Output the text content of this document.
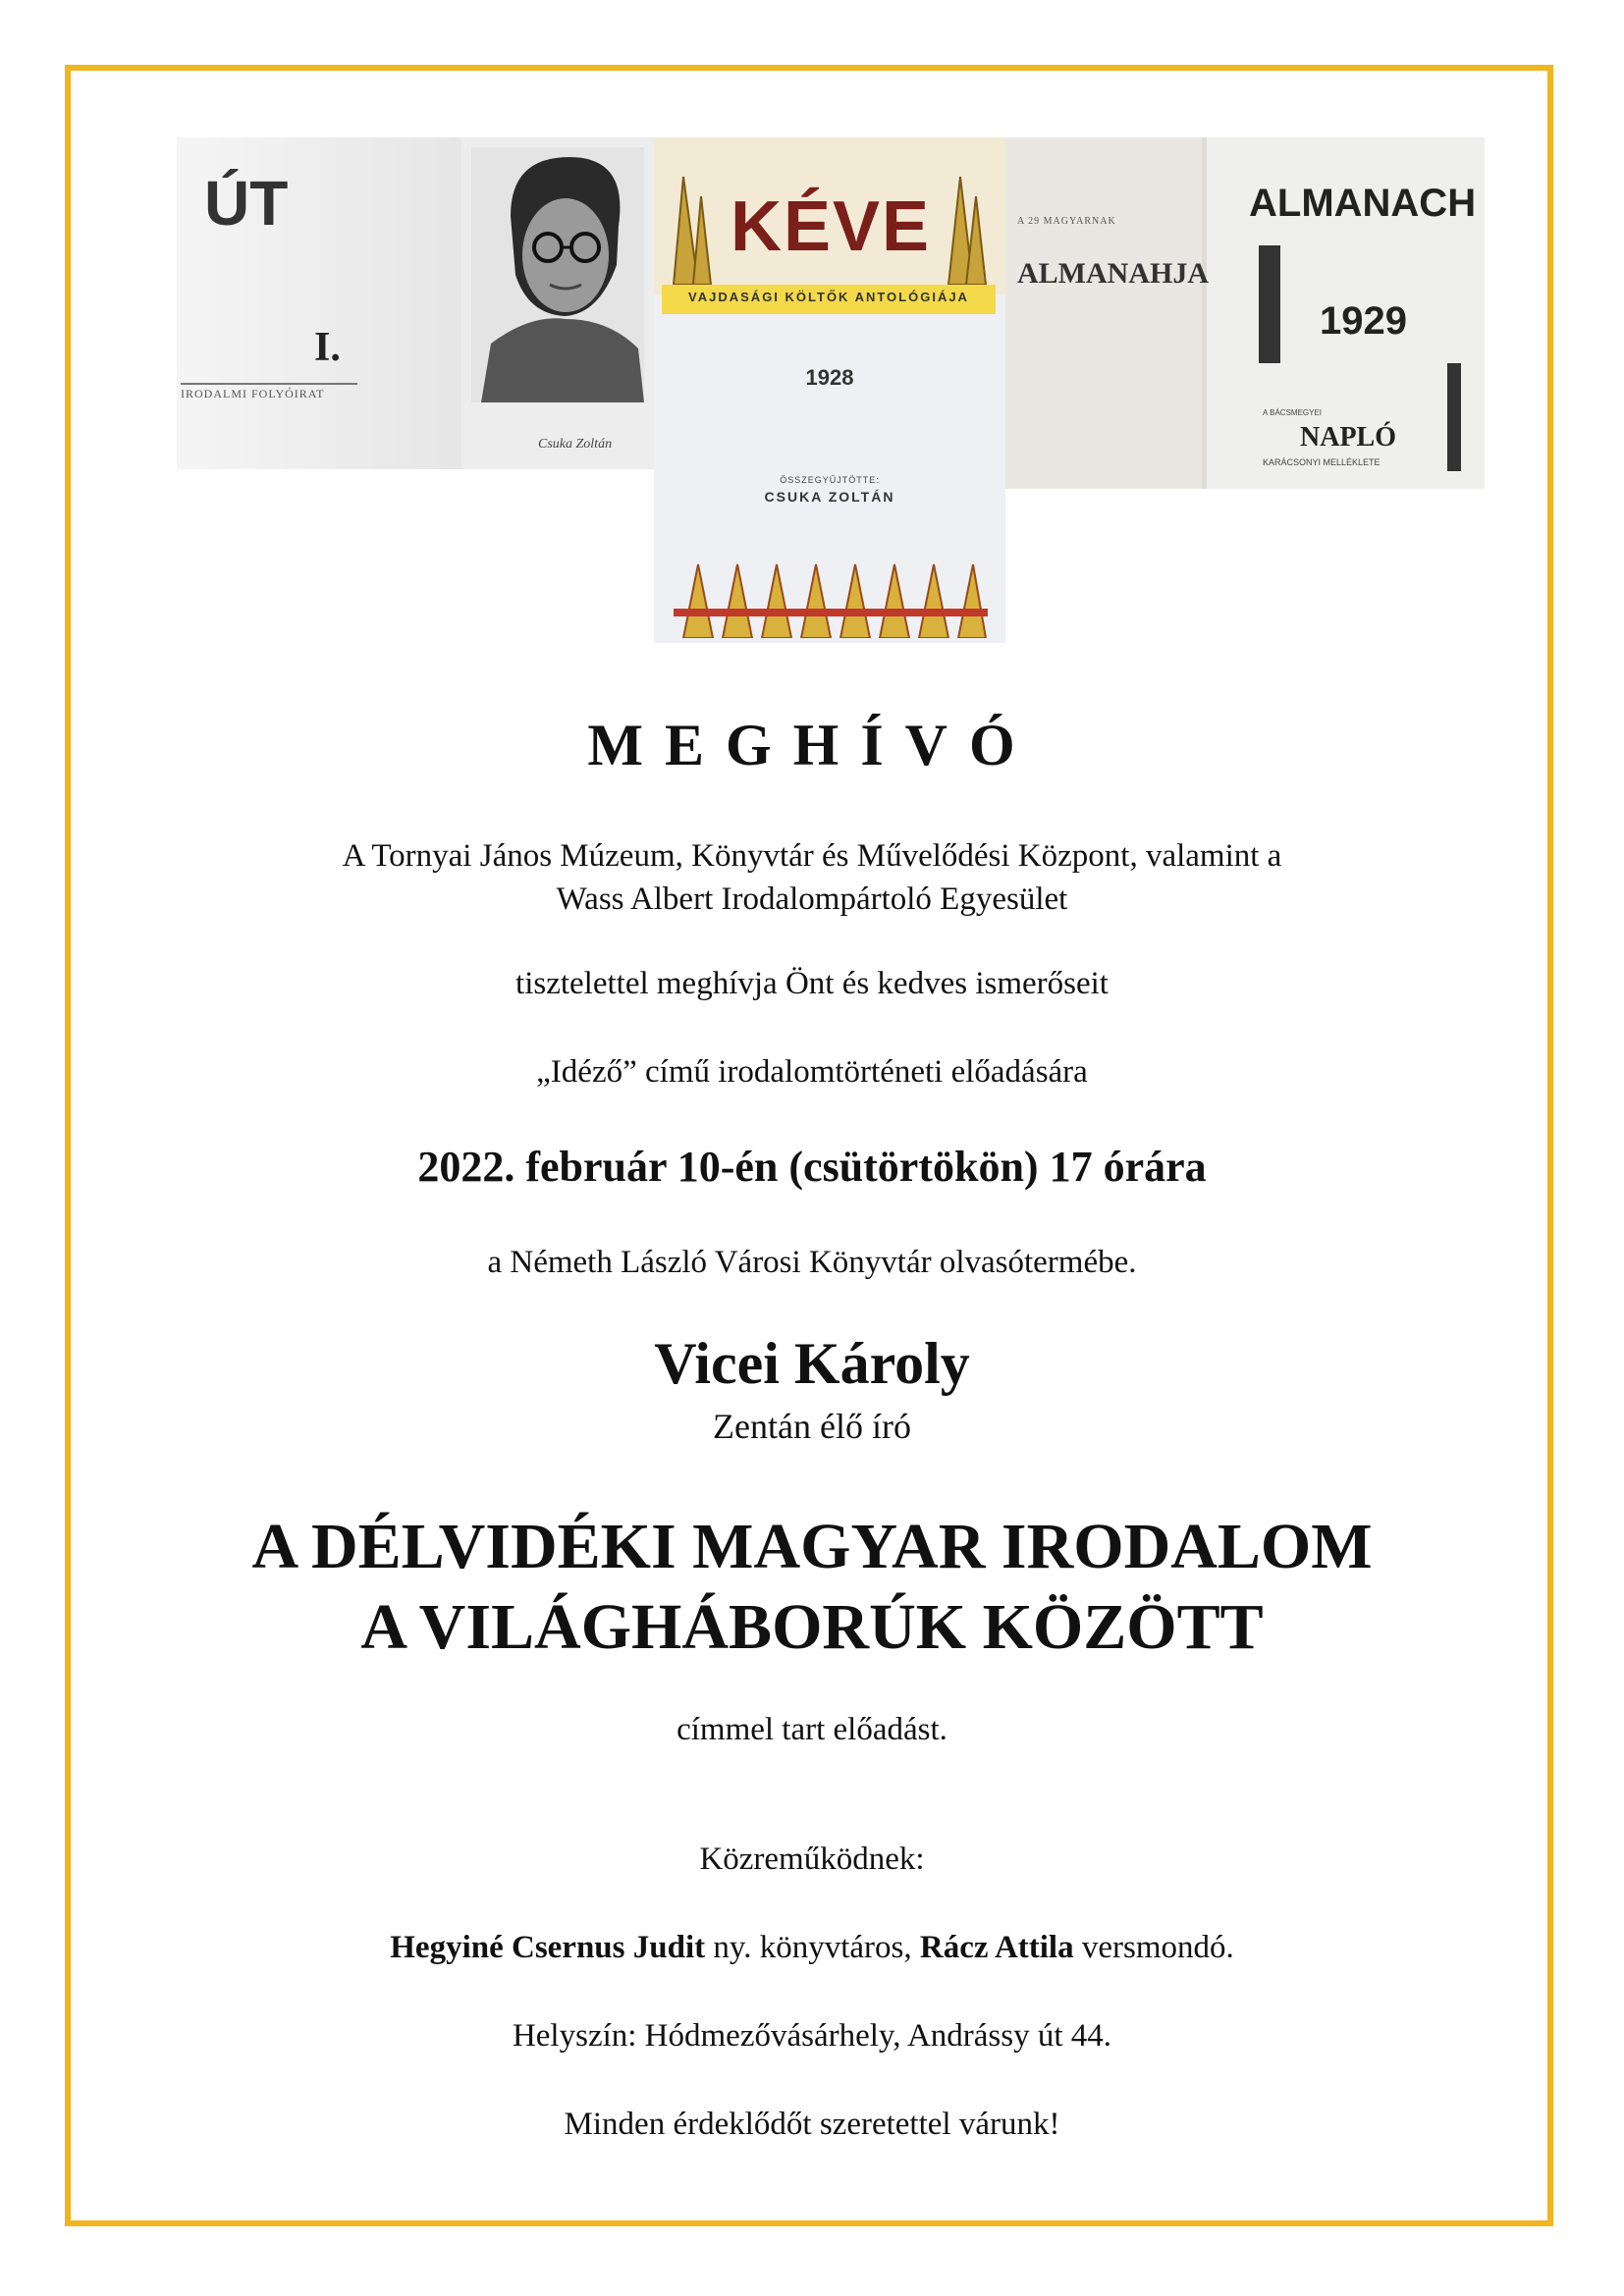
ÚT
I.
IRODALMI FOLYÓIRAT
Csuka Zoltán
KÉVE
VAJDASÁGI KÖLTŐK ANTOLÓGIÁJA
1928
ÖSSZEGYŰJTÖTTE:
CSUKA ZOLTÁN
A 29 MAGYARNAK
ALMANAHJA
ALMANACH
1929
A BÁCSMEGYEI
NAPLÓ
KARÁCSONYI MELLÉKLETE
MEGHÍVÓ
A Tornyai János Múzeum, Könyvtár és Művelődési Központ, valamint a
Wass Albert Irodalompártoló Egyesület
tisztelettel meghívja Önt és kedves ismerőseit
„Idéző” című irodalomtörténeti előadására
2022. február 10-én (csütörtökön) 17 órára
a Németh László Városi Könyvtár olvasótermébe.
Vicei Károly
Zentán élő író
A DÉLVIDÉKI MAGYAR IRODALOM
A VILÁGHÁBORÚK KÖZÖTT
címmel tart előadást.
Közreműködnek:
Hegyiné Csernus Judit ny. könyvtáros, Rácz Attila versmondó.
Helyszín: Hódmezővásárhely, Andrássy út 44.
Minden érdeklődőt szeretettel várunk!
